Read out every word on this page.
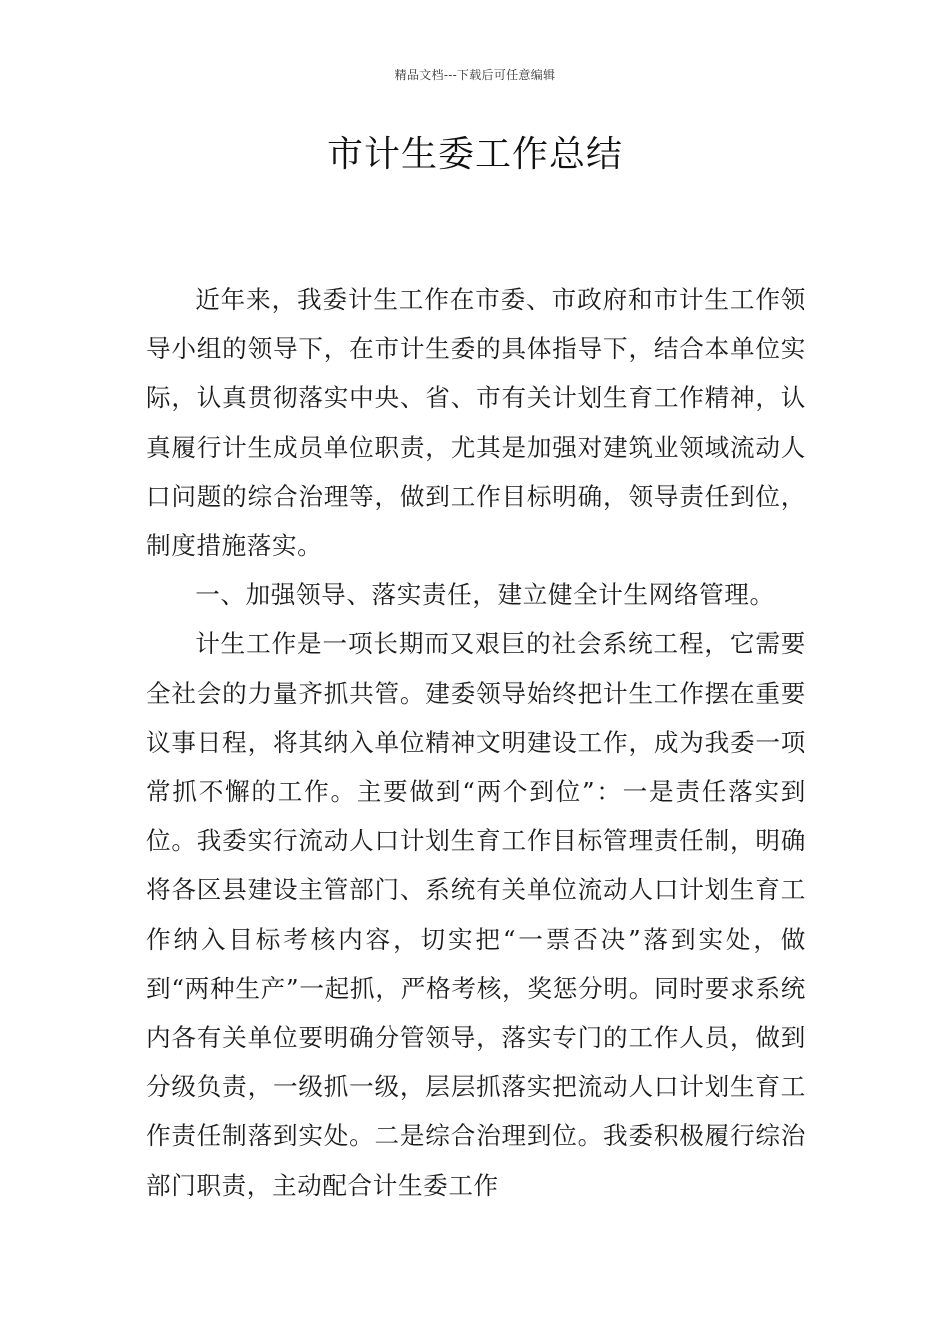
精品文档---下载后可任意编辑
市计生委工作总结

近年来，我委计生工作在市委、市政府和市计生工作领导小组的领导下，在市计生委的具体指导下，结合本单位实际，认真贯彻落实中央、省、市有关计划生育工作精神，认真履行计生成员单位职责，尤其是加强对建筑业领域流动人口问题的综合治理等，做到工作目标明确，领导责任到位，制度措施落实。

一、加强领导、落实责任，建立健全计生网络管理。

计生工作是一项长期而又艰巨的社会系统工程，它需要全社会的力量齐抓共管。建委领导始终把计生工作摆在重要议事日程，将其纳入单位精神文明建设工作，成为我委一项常抓不懈的工作。主要做到“两个到位”：一是责任落实到位。我委实行流动人口计划生育工作目标管理责任制，明确将各区县建设主管部门、系统有关单位流动人口计划生育工作纳入目标考核内容，切实把“一票否决”落到实处，做到“两种生产”一起抓，严格考核，奖惩分明。同时要求系统内各有关单位要明确分管领导，落实专门的工作人员，做到分级负责，一级抓一级，层层抓落实把流动人口计划生育工作责任制落到实处。二是综合治理到位。我委积极履行综治部门职责，主动配合计生委工作
